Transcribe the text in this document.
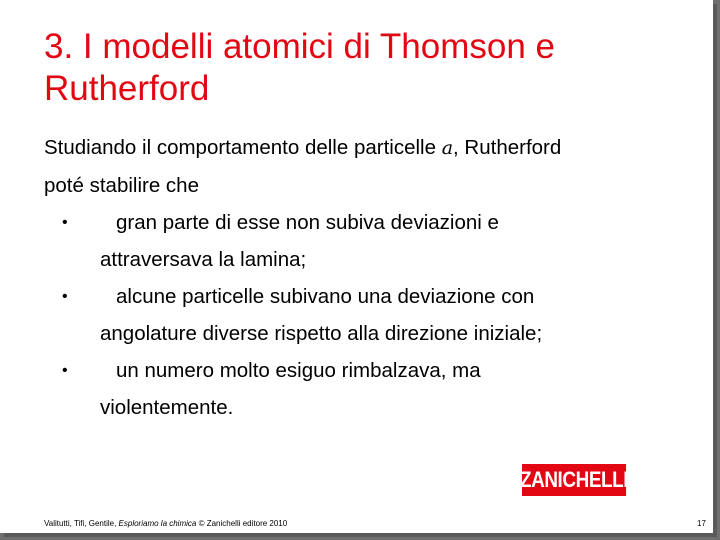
3. I modelli atomici di Thomson e
Rutherford
Studiando il comportamento delle particelle a, Rutherford
poté stabilire che
•	gran parte di esse non subiva deviazioni e
attraversava la lamina;
•	alcune particelle subivano una deviazione con
angolature diverse rispetto alla direzione iniziale;
•	un numero molto esiguo rimbalzava, ma
violentemente.
ZANICHELLI
Valitutti, Tifi, Gentile, Esploriamo la chimica © Zanichelli editore 2010	17
